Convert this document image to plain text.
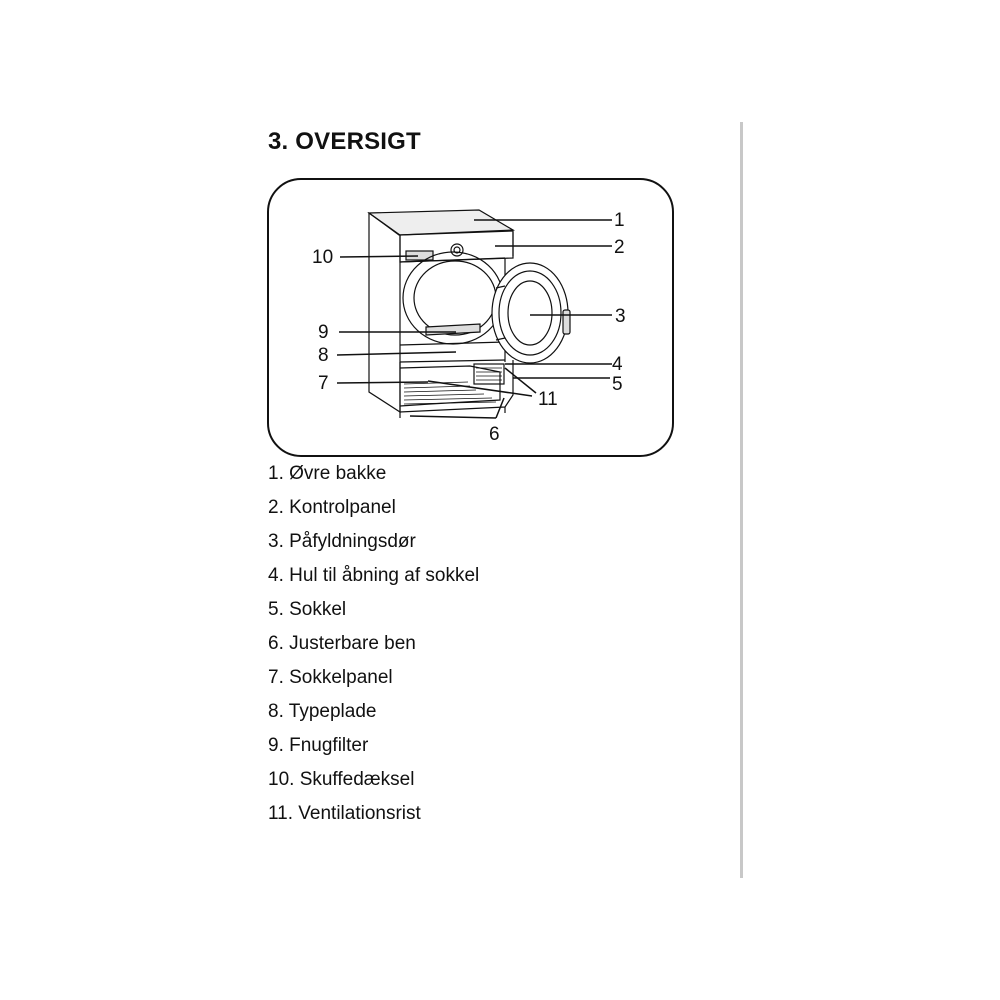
3. OVERSIGT
1
2
3
4
5
6
7
8
9
10
11
1. Øvre bakke
2. Kontrolpanel
3. Påfyldningsdør
4. Hul til åbning af sokkel
5. Sokkel
6. Justerbare ben
7. Sokkelpanel
8. Typeplade
9. Fnugfilter
10. Skuffedæksel
11. Ventilationsrist
